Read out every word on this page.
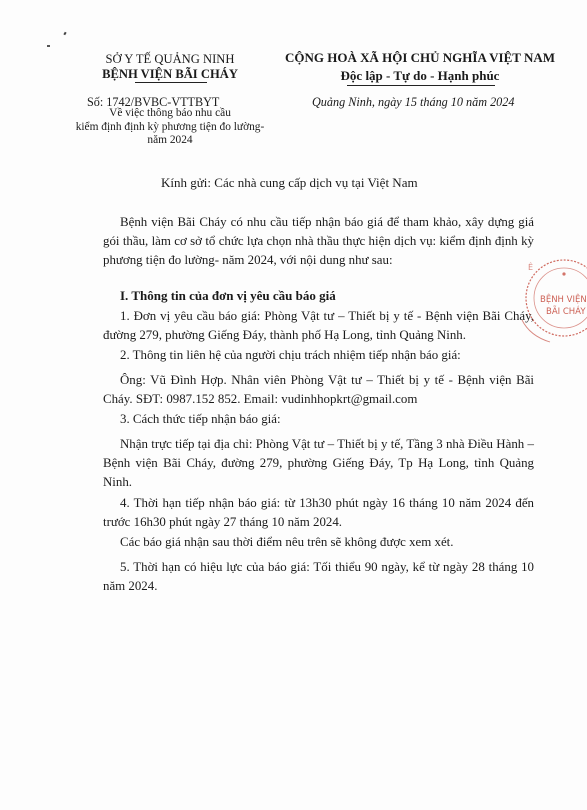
SỞ Y TẾ QUẢNG NINH
BỆNH VIỆN BÃI CHÁY
CỘNG HOÀ XÃ HỘI CHỦ NGHĨA VIỆT NAM
Độc lập - Tự do - Hạnh phúc
Số: 1742/BVBC-VTTBYT	Quảng Ninh, ngày 15 tháng 10 năm 2024
Về việc thông báo nhu cầu
kiểm định định kỳ phương tiện đo lường-
năm 2024
Kính gửi: Các nhà cung cấp dịch vụ tại Việt Nam
Bệnh viện Bãi Cháy có nhu cầu tiếp nhận báo giá để tham khảo, xây dựng giá gói thầu, làm cơ sở tổ chức lựa chọn nhà thầu thực hiện dịch vụ: kiểm định định kỳ phương tiện đo lường- năm 2024, với nội dung như sau:
I. Thông tin của đơn vị yêu cầu báo giá
1. Đơn vị yêu cầu báo giá: Phòng Vật tư – Thiết bị y tế - Bệnh viện Bãi Cháy, đường 279, phường Giếng Đáy, thành phố Hạ Long, tỉnh Quảng Ninh.
2. Thông tin liên hệ của người chịu trách nhiệm tiếp nhận báo giá:
Ông: Vũ Đình Hợp. Nhân viên Phòng Vật tư – Thiết bị y tế - Bệnh viện Bãi Cháy. SĐT: 0987.152 852. Email: vudinhhopkrt@gmail.com
3. Cách thức tiếp nhận báo giá:
Nhận trực tiếp tại địa chỉ: Phòng Vật tư – Thiết bị y tế, Tầng 3 nhà Điều Hành – Bệnh viện Bãi Cháy, đường 279, phường Giếng Đáy, Tp Hạ Long, tỉnh Quảng Ninh.
4. Thời hạn tiếp nhận báo giá: từ 13h30 phút ngày 16 tháng 10 năm 2024 đến trước 16h30 phút ngày 27 tháng 10 năm 2024.
Các báo giá nhận sau thời điểm nêu trên sẽ không được xem xét.
5. Thời hạn có hiệu lực của báo giá: Tối thiểu 90 ngày, kể từ ngày 28 tháng 10 năm 2024.
Ê
BỆNH VIỆN
BÃI CHÁY
